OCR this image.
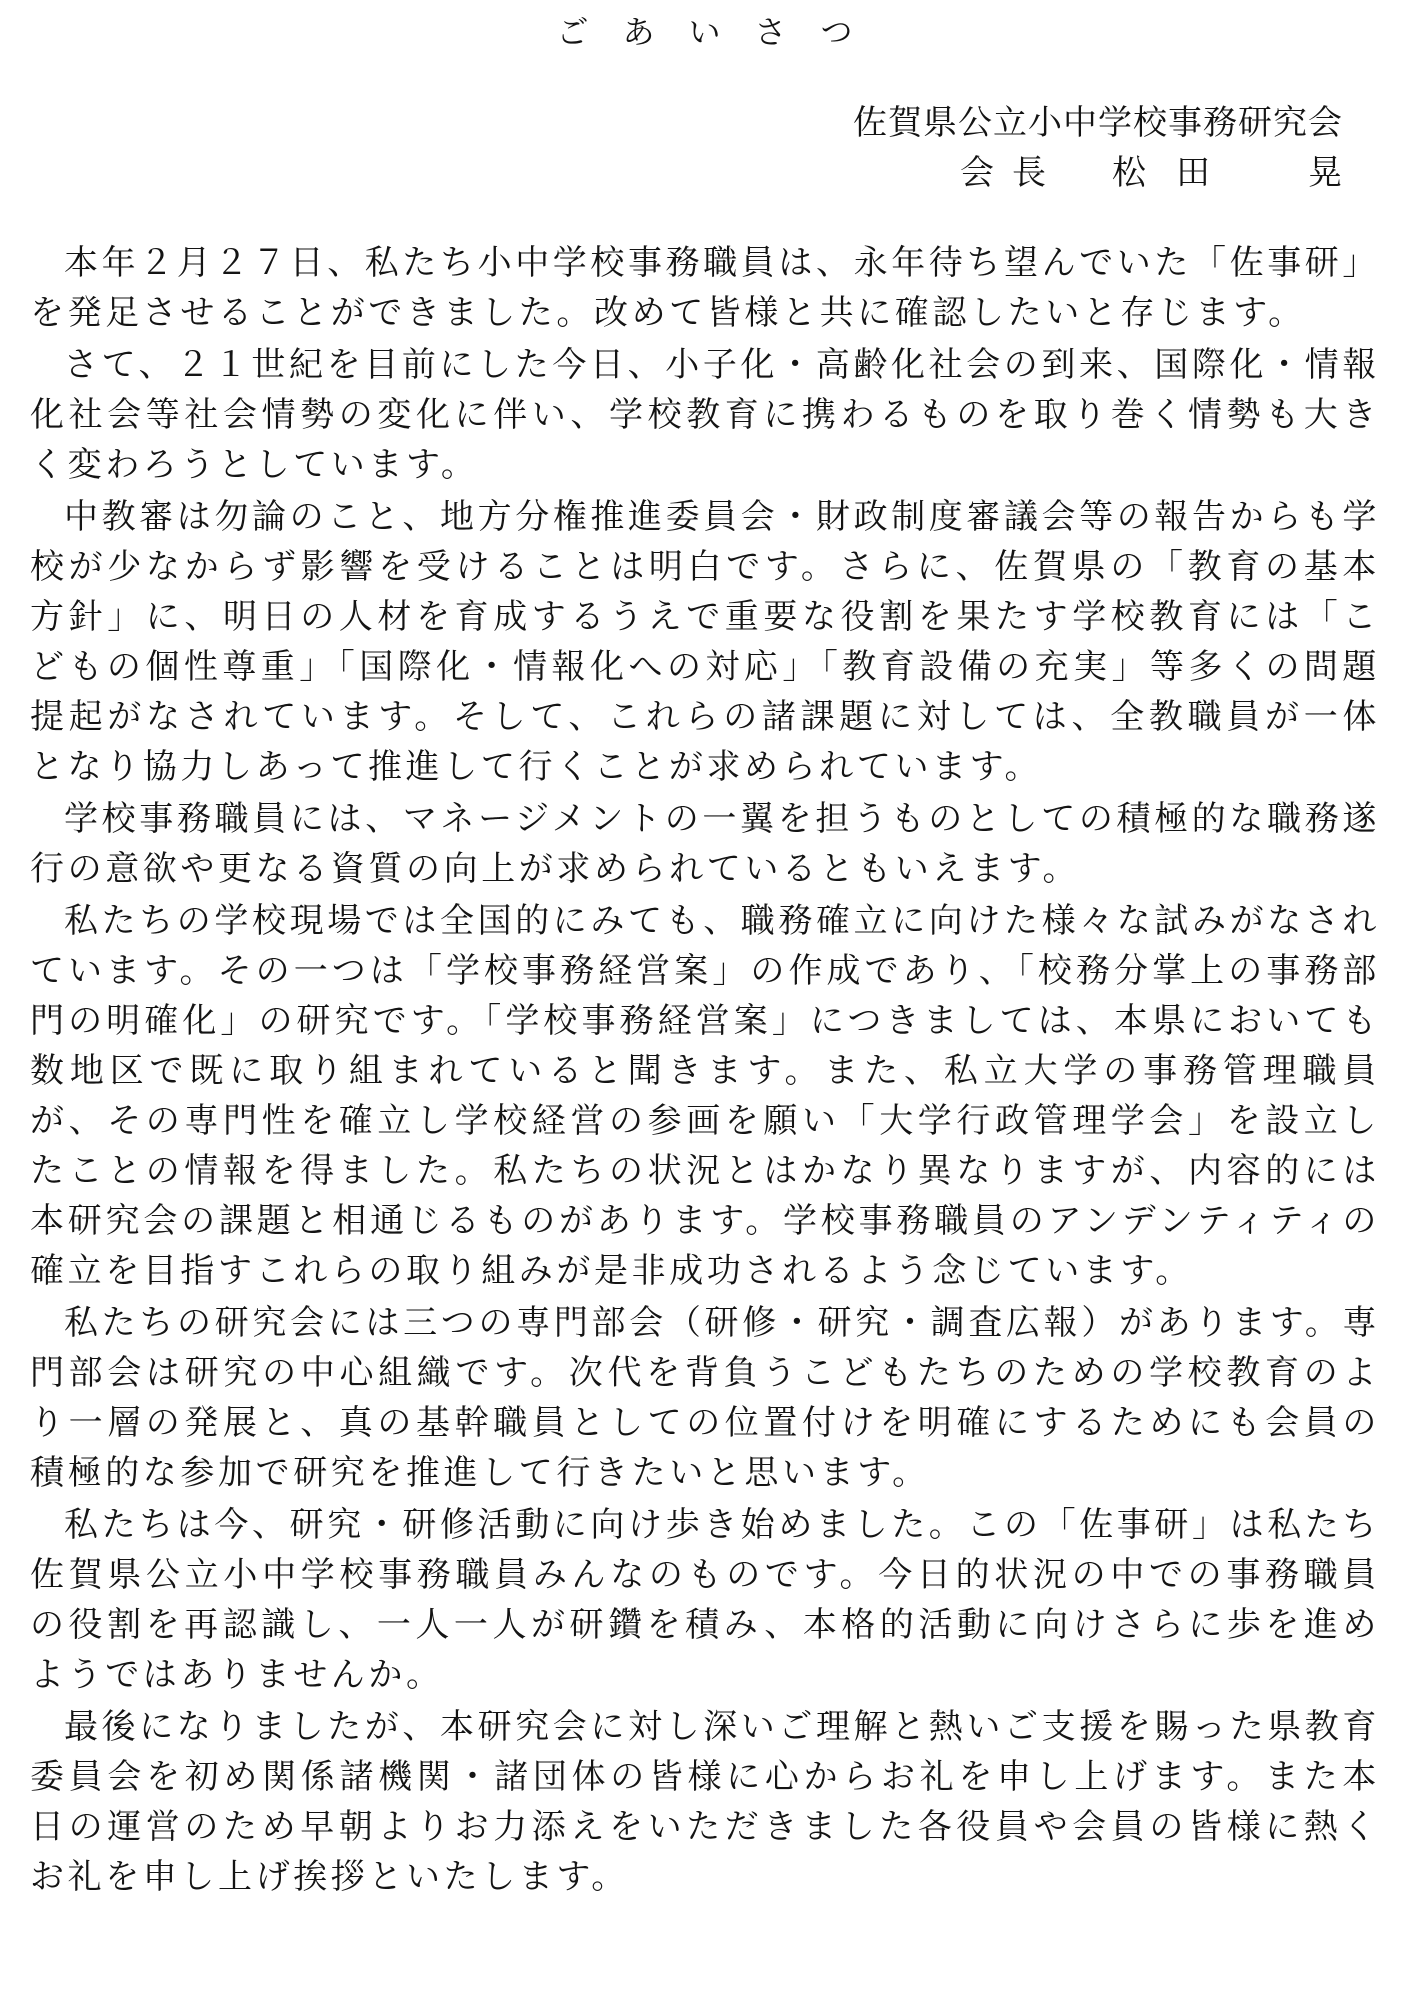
ごあいさつ
佐賀県公立小中学校事務研究会
会長 松田 晃

本年２月２７日、私たち小中学校事務職員は、永年待ち望んでいた「佐事研」を発足させることができました。改めて皆様と共に確認したいと存じます。

さて、２１世紀を目前にした今日、小子化・高齢化社会の到来、国際化・情報化社会等社会情勢の変化に伴い、学校教育に携わるものを取り巻く情勢も大きく変わろうとしています。

中教審は勿論のこと、地方分権推進委員会・財政制度審議会等の報告からも学校が少なからず影響を受けることは明白です。さらに、佐賀県の「教育の基本方針」に、明日の人材を育成するうえで重要な役割を果たす学校教育には「こどもの個性尊重」「国際化・情報化への対応」「教育設備の充実」等多くの問題提起がなされています。そして、これらの諸課題に対しては、全教職員が一体となり協力しあって推進して行くことが求められています。

学校事務職員には、マネージメントの一翼を担うものとしての積極的な職務遂行の意欲や更なる資質の向上が求められているともいえます。

私たちの学校現場では全国的にみても、職務確立に向けた様々な試みがなされています。その一つは「学校事務経営案」の作成であり、「校務分掌上の事務部門の明確化」の研究です。「学校事務経営案」につきましては、本県においても数地区で既に取り組まれていると聞きます。また、私立大学の事務管理職員が、その専門性を確立し学校経営の参画を願い「大学行政管理学会」を設立したことの情報を得ました。私たちの状況とはかなり異なりますが、内容的には本研究会の課題と相通じるものがあります。学校事務職員のアンデンティティの確立を目指すこれらの取り組みが是非成功されるよう念じています。

私たちの研究会には三つの専門部会（研修・研究・調査広報）があります。専門部会は研究の中心組織です。次代を背負うこどもたちのための学校教育のより一層の発展と、真の基幹職員としての位置付けを明確にするためにも会員の積極的な参加で研究を推進して行きたいと思います。

私たちは今、研究・研修活動に向け歩き始めました。この「佐事研」は私たち佐賀県公立小中学校事務職員みんなのものです。今日的状況の中での事務職員の役割を再認識し、一人一人が研鑽を積み、本格的活動に向けさらに歩を進めようではありませんか。

最後になりましたが、本研究会に対し深いご理解と熱いご支援を賜った県教育委員会を初め関係諸機関・諸団体の皆様に心からお礼を申し上げます。また本日の運営のため早朝よりお力添えをいただきました各役員や会員の皆様に熱くお礼を申し上げ挨拶といたします。
